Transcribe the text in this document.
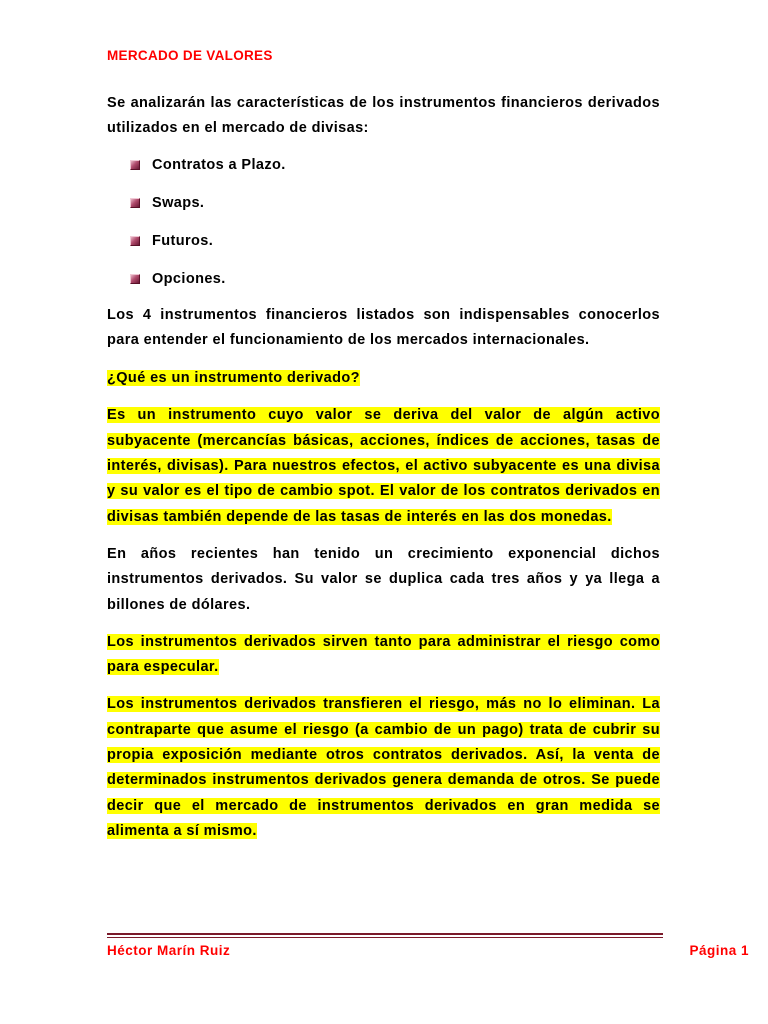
MERCADO DE VALORES

Se analizarán las características de los instrumentos financieros derivados utilizados en el mercado de divisas:

Contratos a Plazo.
Swaps.
Futuros.
Opciones.

Los 4 instrumentos financieros listados son indispensables conocerlos para entender el funcionamiento de los mercados internacionales.

¿Qué es un instrumento derivado?

Es un instrumento cuyo valor se deriva del valor de algún activo subyacente (mercancías básicas, acciones, índices de acciones, tasas de interés, divisas). Para nuestros efectos, el activo subyacente es una divisa y su valor es el tipo de cambio spot. El valor de los contratos derivados en divisas también depende de las tasas de interés en las dos monedas.

En años recientes han tenido un crecimiento exponencial dichos instrumentos derivados. Su valor se duplica cada tres años y ya llega a billones de dólares.

Los instrumentos derivados sirven tanto para administrar el riesgo como para especular.

Los instrumentos derivados transfieren el riesgo, más no lo eliminan. La contraparte que asume el riesgo (a cambio de un pago) trata de cubrir su propia exposición mediante otros contratos derivados. Así, la venta de determinados instrumentos derivados genera demanda de otros. Se puede decir que el mercado de instrumentos derivados en gran medida se alimenta a sí mismo.

Héctor Marín Ruiz	Página 1
